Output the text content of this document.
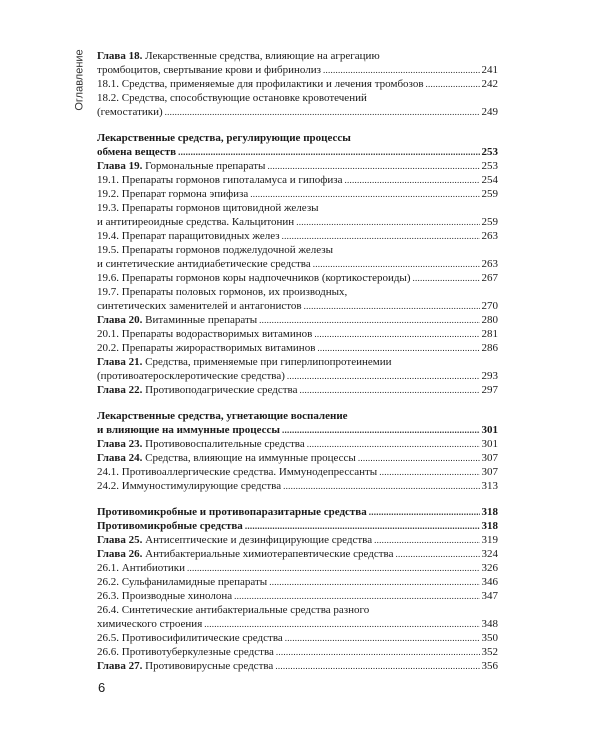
Оглавление Глава 18. Лекарственные средства, влияющие на агрегацию
тромбоцитов, свертывание крови и фибринолиз . . .	241
18.1. Средства, применяемые для профилактики и лечения тромбозов . . .	242
18.2. Средства, способствующие остановке кровотечений
(гемостатики) . . .	249
Лекарственные средства, регулирующие процессы
обмена веществ . . .	253
Глава 19. Гормональные препараты . . .	253
19.1. Препараты гормонов гипоталамуса и гипофиза . . .	254
19.2. Препарат гормона эпифиза . . .	259
19.3. Препараты гормонов щитовидной железы
и антитиреоидные средства. Кальцитонин . . .	259
19.4. Препарат паращитовидных желез . . .	263
19.5. Препараты гормонов поджелудочной железы
и синтетические антидиабетические средства . . .	263
19.6. Препараты гормонов коры надпочечников (кортикостероиды) . . .	267
19.7. Препараты половых гормонов, их производных,
синтетических заменителей и антагонистов . . .	270
Глава 20. Витаминные препараты . . .	280
20.1. Препараты водорастворимых витаминов . . .	281
20.2. Препараты жирорастворимых витаминов . . .	286
Глава 21. Средства, применяемые при гиперлипопротеинемии
(противоатеросклеротические средства) . . .	293
Глава 22. Противоподагрические средства . . .	297
Лекарственные средства, угнетающие воспаление
и влияющие на иммунные процессы . . .	301
Глава 23. Противовоспалительные средства . . .	301
Глава 24. Средства, влияющие на иммунные процессы . . .	307
24.1. Противоаллергические средства. Иммунодепрессанты . . .	307
24.2. Иммуностимулирующие средства . . .	313
Противомикробные и противопаразитарные средства . . .	318
Противомикробные средства . . .	318
Глава 25. Антисептические и дезинфицирующие средства . . .	319
Глава 26. Антибактериальные химиотерапевтические средства . . .	324
26.1. Антибиотики . . .	326
26.2. Сульфаниламидные препараты . . .	346
26.3. Производные хинолона . . .	347
26.4. Синтетические антибактериальные средства разного
химического строения . . .	348
26.5. Противосифилитические средства . . .	350
26.6. Противотуберкулезные средства . . .	352
Глава 27. Противовирусные средства . . .	356
6
